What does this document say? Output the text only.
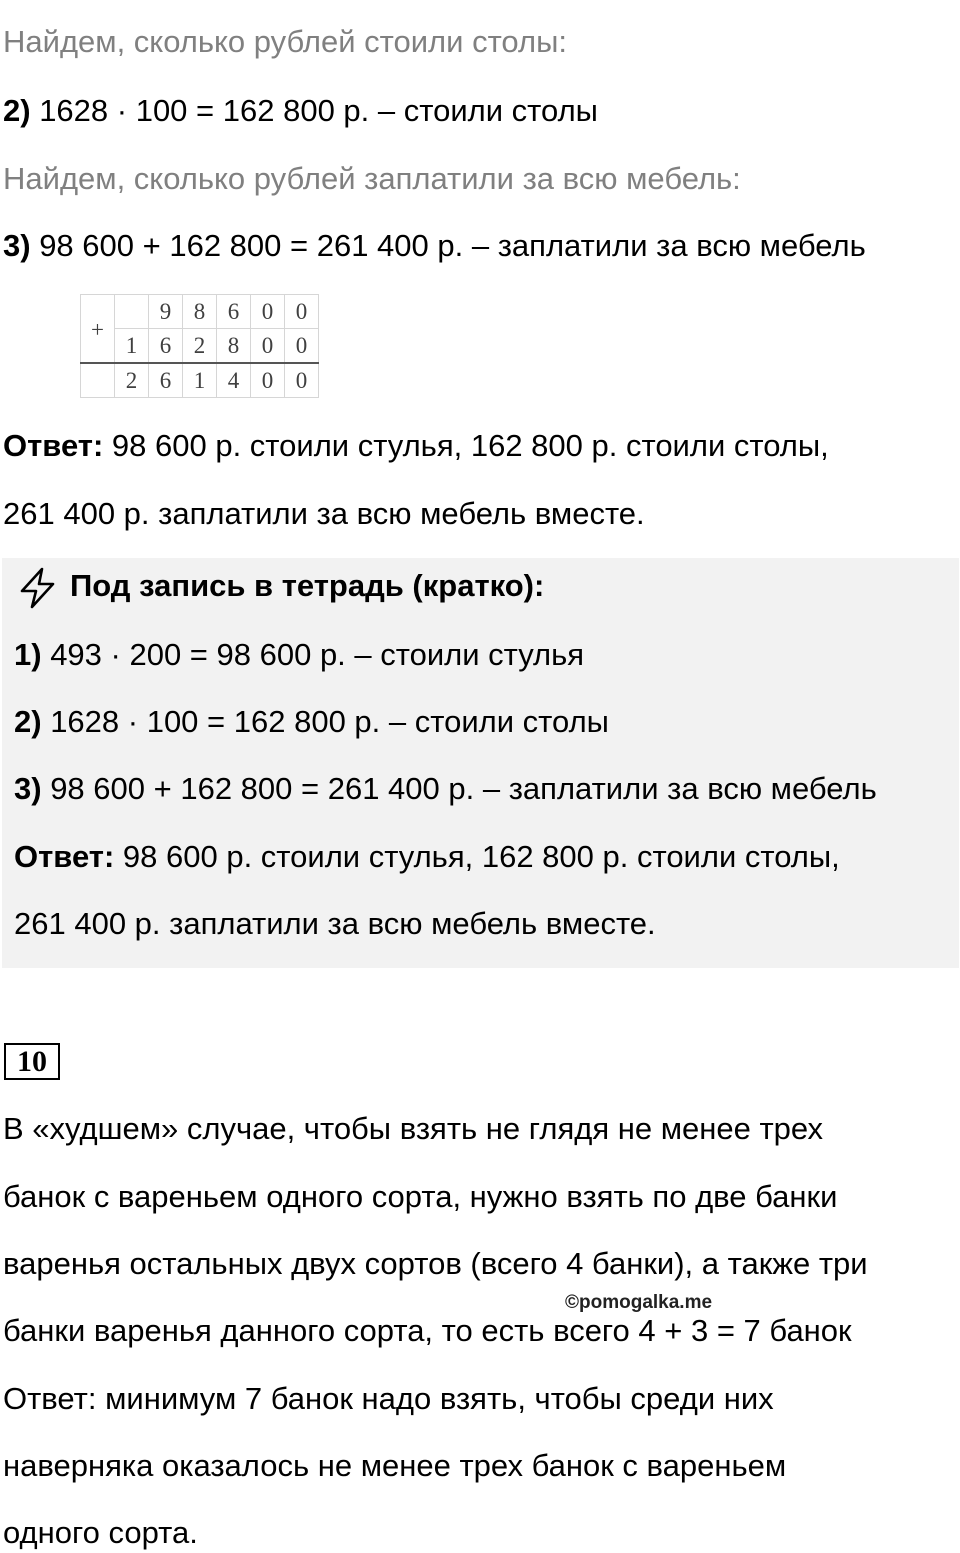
Найдем, сколько рублей стоили столы:
2) 1628 · 100 = 162 800 р. – стоили столы
Найдем, сколько рублей заплатили за всю мебель:
3) 98 600 + 162 800 = 261 400 р. – заплатили за всю мебель
+		9	8	6	0	0
	1	6	2	8	0	0
	2	6	1	4	0	0
Ответ: 98 600 р. стоили стулья, 162 800 р. стоили столы,
261 400 р. заплатили за всю мебель вместе.
Под запись в тетрадь (кратко):
1) 493 · 200 = 98 600 р. – стоили стулья
2) 1628 · 100 = 162 800 р. – стоили столы
3) 98 600 + 162 800 = 261 400 р. – заплатили за всю мебель
Ответ: 98 600 р. стоили стулья, 162 800 р. стоили столы,
261 400 р. заплатили за всю мебель вместе.
10
В «худшем» случае, чтобы взять не глядя не менее трех
банок с вареньем одного сорта, нужно взять по две банки
варенья остальных двух сортов (всего 4 банки), а также три
©pomogalka.me
банки варенья данного сорта, то есть всего 4 + 3 = 7 банок
Ответ: минимум 7 банок надо взять, чтобы среди них
наверняка оказалось не менее трех банок с вареньем
одного сорта.
